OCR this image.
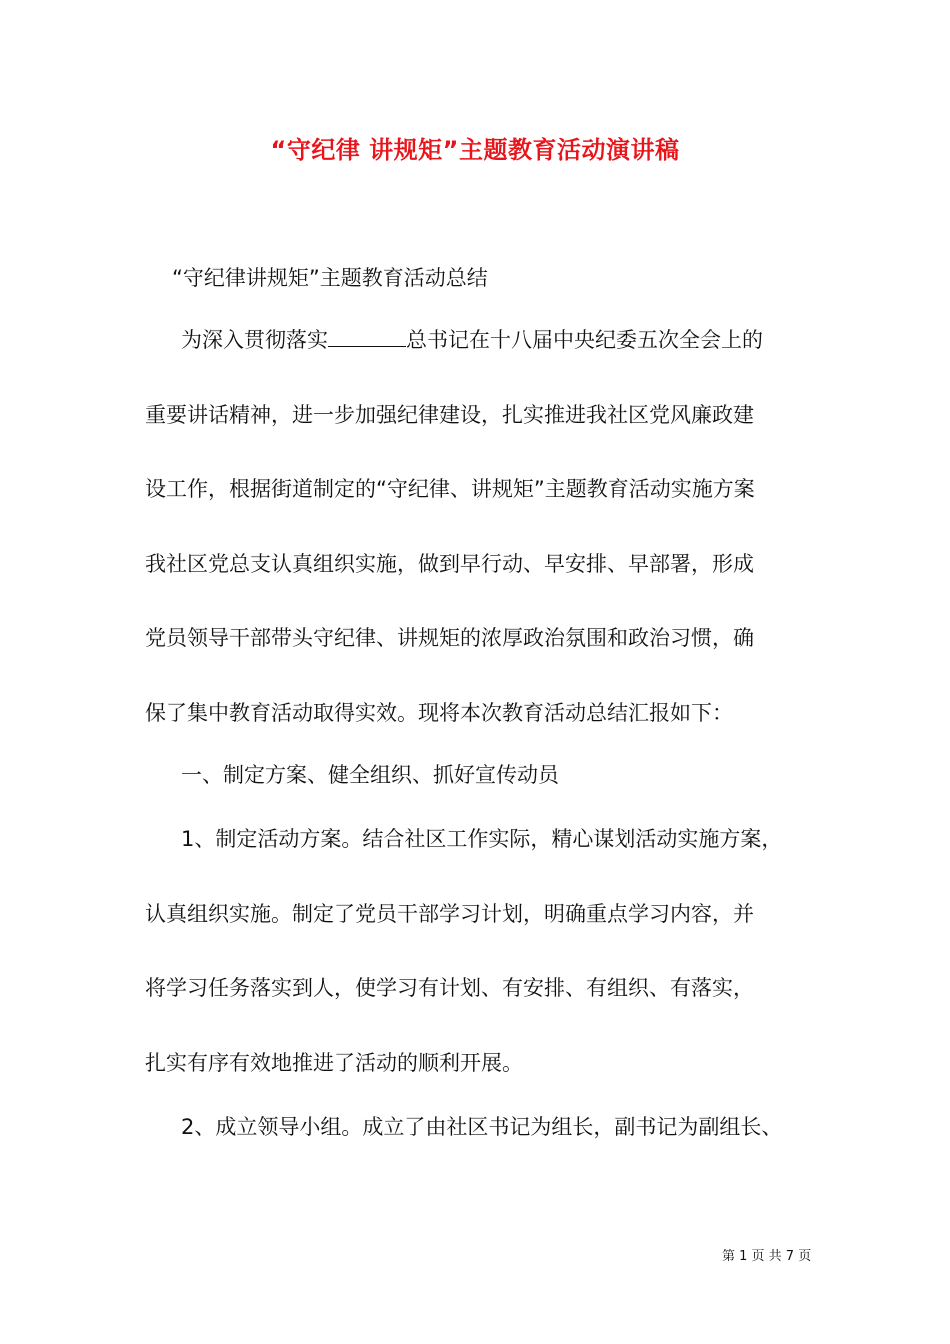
“守纪律 讲规矩”主题教育活动演讲稿
“守纪律讲规矩”主题教育活动总结
为深入贯彻落实	总书记在十八届中央纪委五次全会上的
重要讲话精神，进一步加强纪律建设，扎实推进我社区党风廉政建
设工作，根据街道制定的“守纪律、讲规矩”主题教育活动实施方案
我社区党总支认真组织实施，做到早行动、早安排、早部署，形成
党员领导干部带头守纪律、讲规矩的浓厚政治氛围和政治习惯，确
保了集中教育活动取得实效。现将本次教育活动总结汇报如下：
一、制定方案、健全组织、抓好宣传动员
1、制定活动方案。结合社区工作实际，精心谋划活动实施方案，
认真组织实施。制定了党员干部学习计划，明确重点学习内容，并
将学习任务落实到人，使学习有计划、有安排、有组织、有落实，
扎实有序有效地推进了活动的顺利开展。
2、成立领导小组。成立了由社区书记为组长，副书记为副组长、
第 1 页 共 7 页
